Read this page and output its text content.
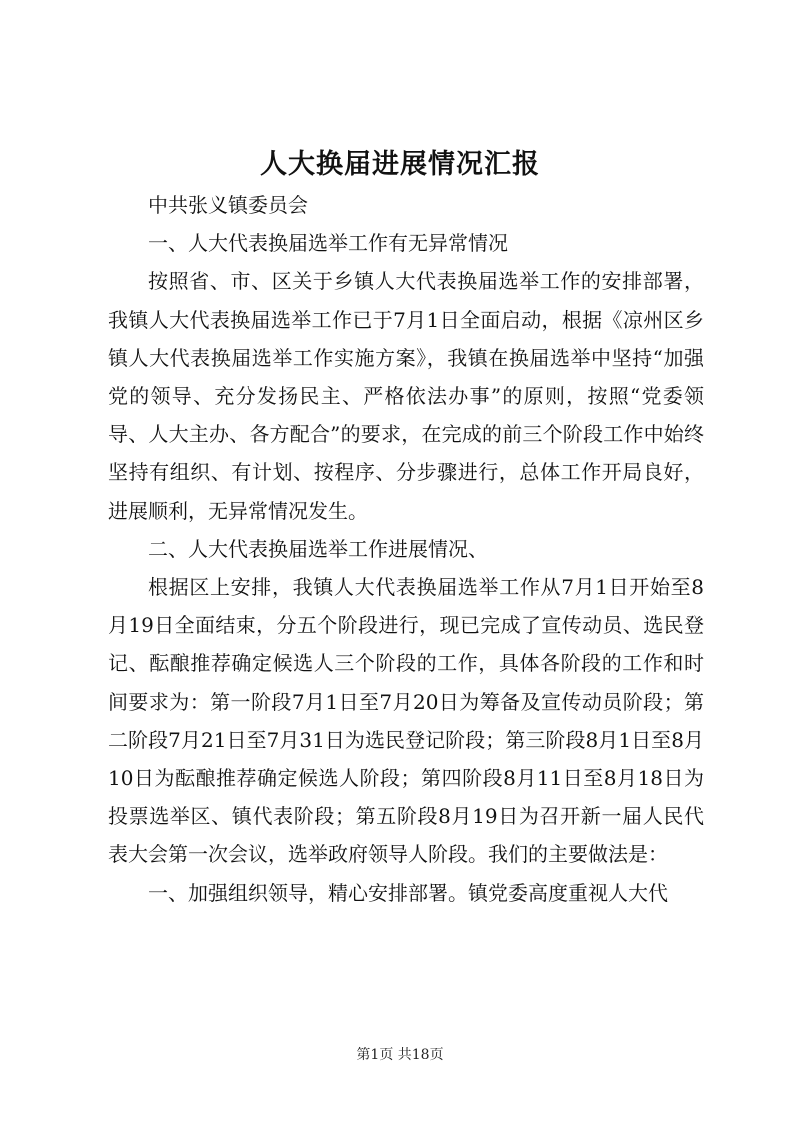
人大换届进展情况汇报

中共张义镇委员会

一、人大代表换届选举工作有无异常情况

按照省、市、区关于乡镇人大代表换届选举工作的安排部署，我镇人大代表换届选举工作已于7月1日全面启动，根据《凉州区乡镇人大代表换届选举工作实施方案》，我镇在换届选举中坚持“加强党的领导、充分发扬民主、严格依法办事”的原则，按照“党委领导、人大主办、各方配合”的要求，在完成的前三个阶段工作中始终坚持有组织、有计划、按程序、分步骤进行，总体工作开局良好，进展顺利，无异常情况发生。

二、人大代表换届选举工作进展情况、

根据区上安排，我镇人大代表换届选举工作从7月1日开始至8月19日全面结束，分五个阶段进行，现已完成了宣传动员、选民登记、酝酿推荐确定候选人三个阶段的工作，具体各阶段的工作和时间要求为：第一阶段7月1日至7月20日为筹备及宣传动员阶段；第二阶段7月21日至7月31日为选民登记阶段；第三阶段8月1日至8月10日为酝酿推荐确定候选人阶段；第四阶段8月11日至8月18日为投票选举区、镇代表阶段；第五阶段8月19日为召开新一届人民代表大会第一次会议，选举政府领导人阶段。我们的主要做法是：

一、加强组织领导，精心安排部署。镇党委高度重视人大代

第1页 共18页
